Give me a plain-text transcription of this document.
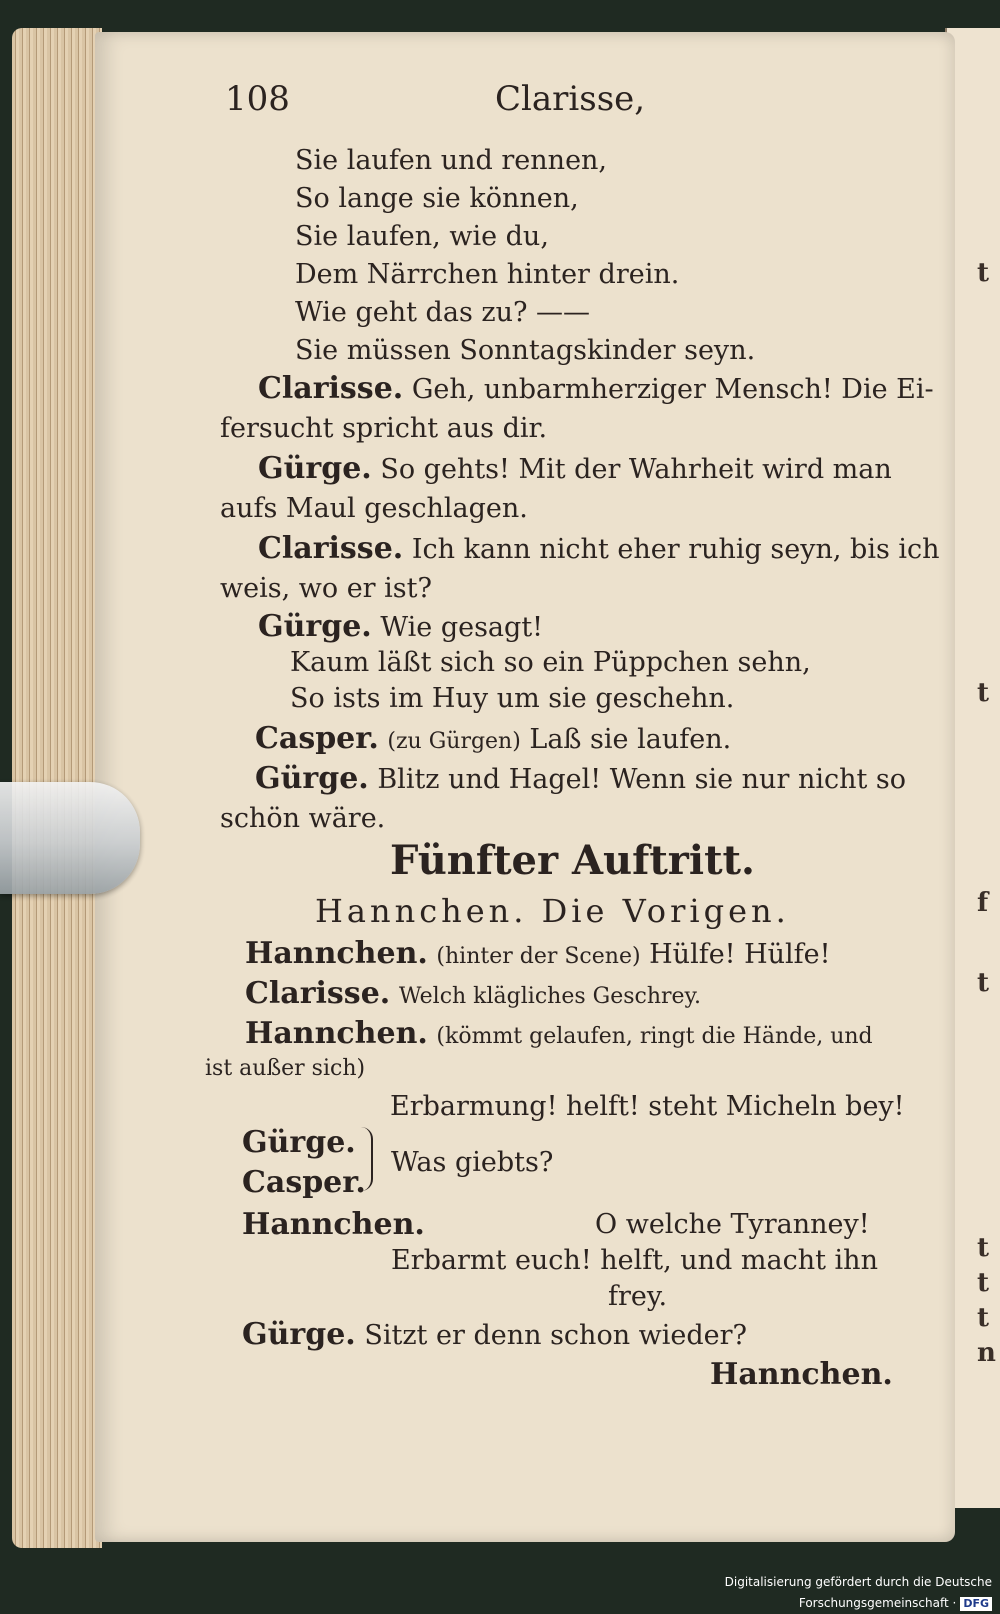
t
t
f
t
t
t
t
n
108	Clarisse,
Sie laufen und rennen,
So lange sie können,
Sie laufen, wie du,
Dem Närrchen hinter drein.
Wie geht das zu? ——
Sie müssen Sonntagskinder seyn.
Clarisse. Geh, unbarmherziger Mensch! Die Ei-
fersucht spricht aus dir.
Gürge. So gehts! Mit der Wahrheit wird man
aufs Maul geschlagen.
Clarisse. Ich kann nicht eher ruhig seyn, bis ich
weis, wo er ist?
Gürge. Wie gesagt!
Kaum läßt sich so ein Püppchen sehn,
So ists im Huy um sie geschehn.
Casper. (zu Gürgen) Laß sie laufen.
Gürge. Blitz und Hagel! Wenn sie nur nicht so
schön wäre.
Fünfter Auftritt.
Hannchen. Die Vorigen.
Hannchen. (hinter der Scene) Hülfe! Hülfe!
Clarisse. Welch klägliches Geschrey.
Hannchen. (kömmt gelaufen, ringt die Hände, und
ist außer sich)
Erbarmung! helft! steht Micheln bey!
Gürge.
Casper.
Was giebts?
Hannchen.	O welche Tyranney!
Erbarmt euch! helft, und macht ihn
frey.
Gürge. Sitzt er denn schon wieder?
Hannchen.
Digitalisierung gefördert durch die Deutsche Forschungsgemeinschaft · DFG
